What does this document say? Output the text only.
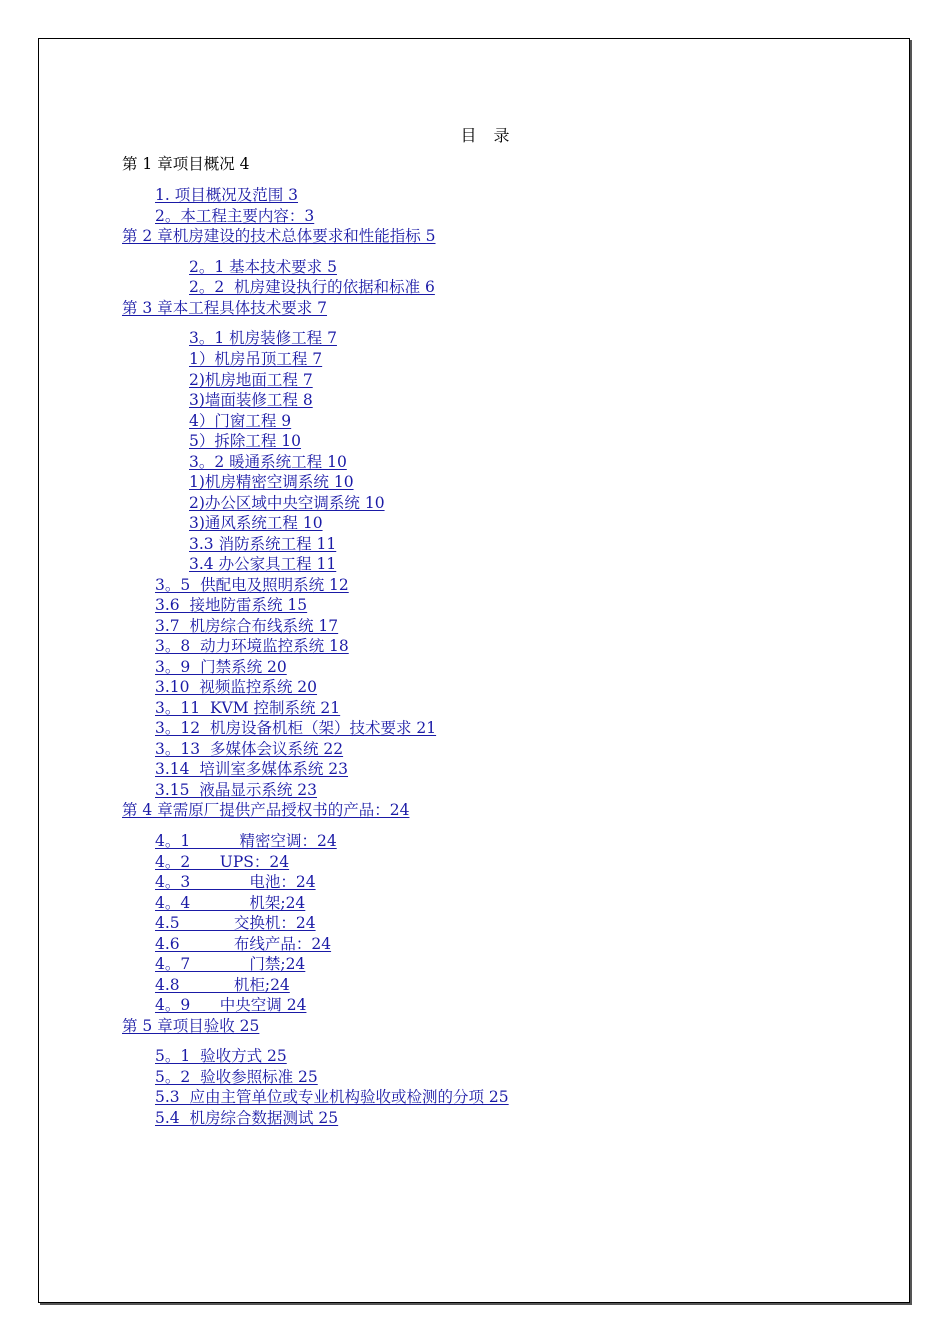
目 录
第 1 章项目概况 4
1. 项目概况及范围 3
2。本工程主要内容：3
第 2 章机房建设的技术总体要求和性能指标 5
2。1 基本技术要求 5
2。2  机房建设执行的依据和标准 6
第 3 章本工程具体技术要求 7
3。1 机房装修工程 7
1）机房吊顶工程 7
2)机房地面工程 7
3)墙面装修工程 8
4）门窗工程 9
5）拆除工程 10
3。2 暖通系统工程 10
1)机房精密空调系统 10
2)办公区域中央空调系统 10
3)通风系统工程 10
3.3 消防系统工程 11
3.4 办公家具工程 11
3。5  供配电及照明系统 12
3.6  接地防雷系统 15
3.7  机房综合布线系统 17
3。8  动力环境监控系统 18
3。9  门禁系统 20
3.10  视频监控系统 20
3。11  KVM 控制系统 21
3。12  机房设备机柜（架）技术要求 21
3。13  多媒体会议系统 22
3.14  培训室多媒体系统 23
3.15  液晶显示系统 23
第 4 章需原厂提供产品授权书的产品：24
4。1          精密空调：24
4。2      UPS：24
4。3            电池：24
4。4            机架;24
4.5           交换机：24
4.6           布线产品：24
4。7            门禁;24
4.8           机柜;24
4。9      中央空调 24
第 5 章项目验收 25
5。1  验收方式 25
5。2  验收参照标准 25
5.3  应由主管单位或专业机构验收或检测的分项 25
5.4  机房综合数据测试 25
